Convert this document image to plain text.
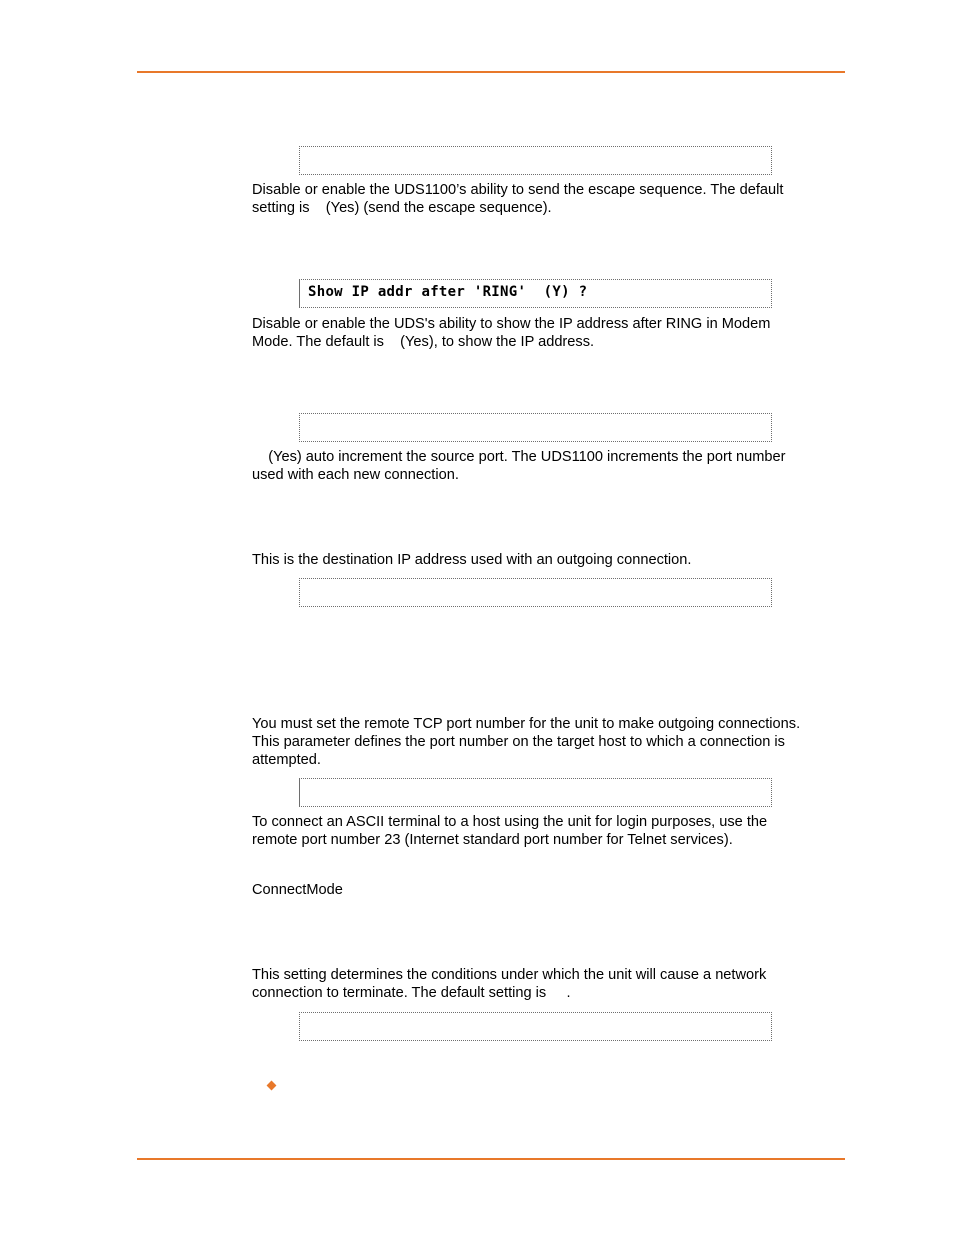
Disable or enable the UDS1100’s ability to send the escape sequence. The default
setting is    (Yes) (send the escape sequence).

Show IP addr after 'RING'  (Y) ?

Disable or enable the UDS's ability to show the IP address after RING in Modem
Mode. The default is    (Yes), to show the IP address.

(Yes) auto increment the source port. The UDS1100 increments the port number
used with each new connection.

This is the destination IP address used with an outgoing connection.

You must set the remote TCP port number for the unit to make outgoing connections.
This parameter defines the port number on the target host to which a connection is
attempted.

To connect an ASCII terminal to a host using the unit for login purposes, use the
remote port number 23 (Internet standard port number for Telnet services).

ConnectMode

This setting determines the conditions under which the unit will cause a network
connection to terminate. The default setting is     .
